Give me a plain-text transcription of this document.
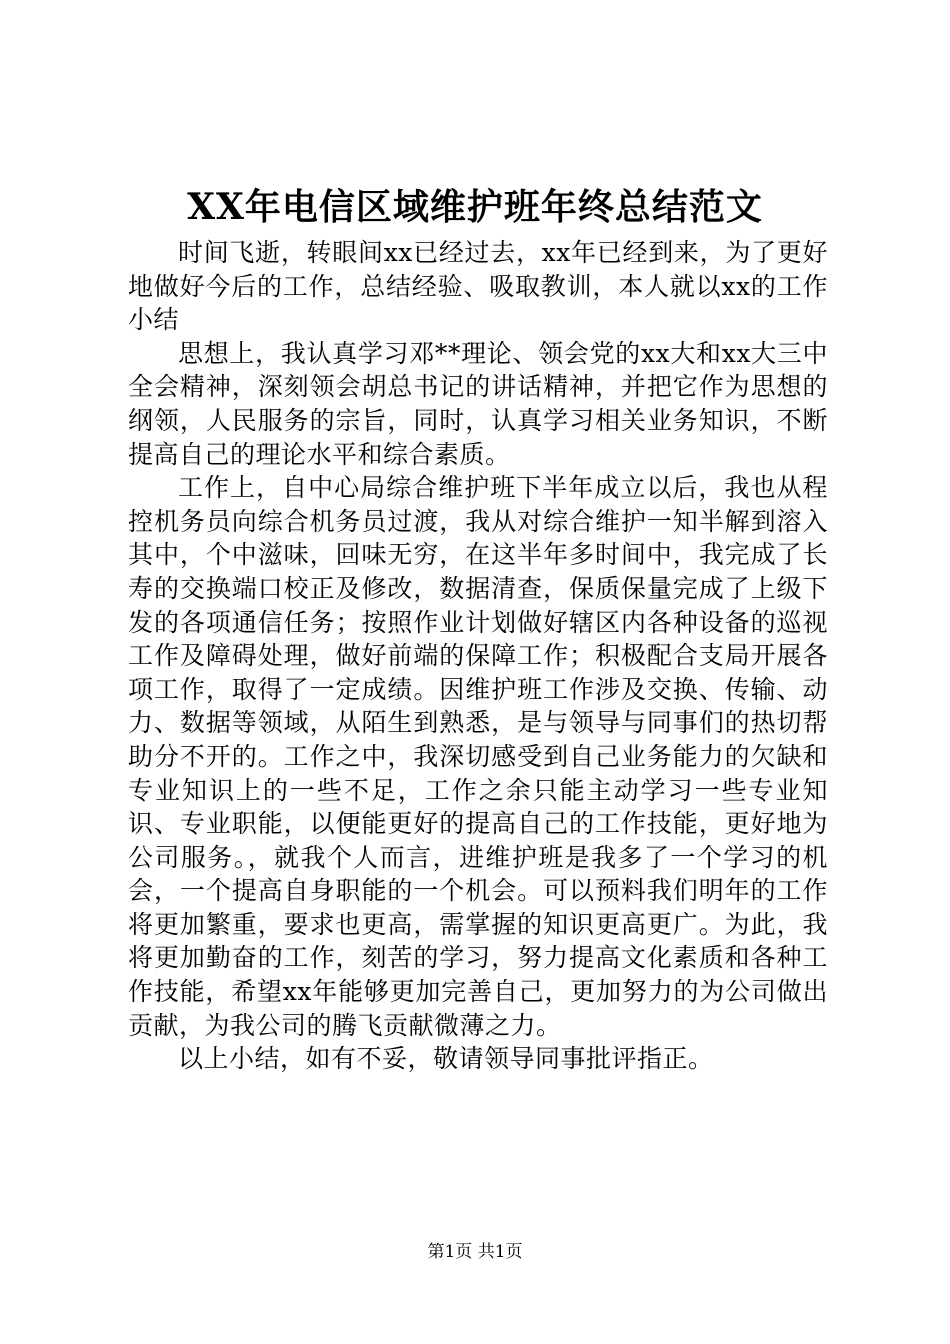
XX年电信区域维护班年终总结范文

时间飞逝，转眼间xx已经过去，xx年已经到来，为了更好地做好今后的工作，总结经验、吸取教训，本人就以xx的工作小结

思想上，我认真学习邓**理论、领会党的xx大和xx大三中全会精神，深刻领会胡总书记的讲话精神，并把它作为思想的纲领，人民服务的宗旨，同时，认真学习相关业务知识，不断提高自己的理论水平和综合素质。

工作上，自中心局综合维护班下半年成立以后，我也从程控机务员向综合机务员过渡，我从对综合维护一知半解到溶入其中，个中滋味，回味无穷，在这半年多时间中，我完成了长寿的交换端口校正及修改，数据清查，保质保量完成了上级下发的各项通信任务；按照作业计划做好辖区内各种设备的巡视工作及障碍处理，做好前端的保障工作；积极配合支局开展各项工作，取得了一定成绩。因维护班工作涉及交换、传输、动力、数据等领域，从陌生到熟悉，是与领导与同事们的热切帮助分不开的。工作之中，我深切感受到自己业务能力的欠缺和专业知识上的一些不足，工作之余只能主动学习一些专业知识、专业职能，以便能更好的提高自己的工作技能，更好地为公司服务。，就我个人而言，进维护班是我多了一个学习的机会，一个提高自身职能的一个机会。可以预料我们明年的工作将更加繁重，要求也更高，需掌握的知识更高更广。为此，我将更加勤奋的工作，刻苦的学习，努力提高文化素质和各种工作技能，希望xx年能够更加完善自己，更加努力的为公司做出贡献，为我公司的腾飞贡献微薄之力。

以上小结，如有不妥，敬请领导同事批评指正。

第1页 共1页
